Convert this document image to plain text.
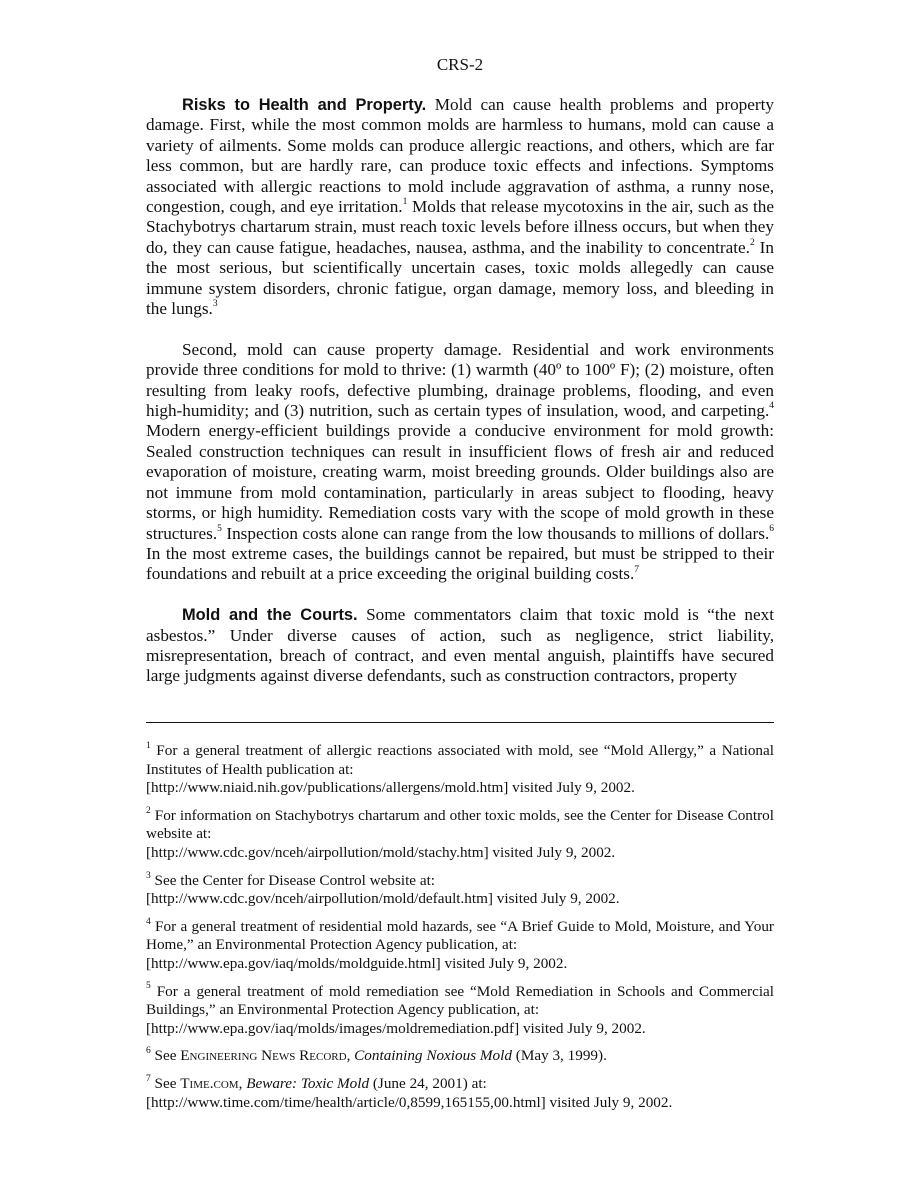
CRS-2

Risks to Health and Property. Mold can cause health problems and property damage. First, while the most common molds are harmless to humans, mold can cause a variety of ailments. Some molds can produce allergic reactions, and others, which are far less common, but are hardly rare, can produce toxic effects and infections. Symptoms associated with allergic reactions to mold include aggravation of asthma, a runny nose, congestion, cough, and eye irritation.$^1$ Molds that release mycotoxins in the air, such as the Stachybotrys chartarum strain, must reach toxic levels before illness occurs, but when they do, they can cause fatigue, headaches, nausea, asthma, and the inability to concentrate.$^2$ In the most serious, but scientifically uncertain cases, toxic molds allegedly can cause immune system disorders, chronic fatigue, organ damage, memory loss, and bleeding in the lungs.$^3$

Second, mold can cause property damage. Residential and work environments provide three conditions for mold to thrive: (1) warmth (40º to 100º F); (2) moisture, often resulting from leaky roofs, defective plumbing, drainage problems, flooding, and even high-humidity; and (3) nutrition, such as certain types of insulation, wood, and carpeting.$^4$ Modern energy-efficient buildings provide a conducive environment for mold growth: Sealed construction techniques can result in insufficient flows of fresh air and reduced evaporation of moisture, creating warm, moist breeding grounds. Older buildings also are not immune from mold contamination, particularly in areas subject to flooding, heavy storms, or high humidity. Remediation costs vary with the scope of mold growth in these structures.$^5$ Inspection costs alone can range from the low thousands to millions of dollars.$^6$ In the most extreme cases, the buildings cannot be repaired, but must be stripped to their foundations and rebuilt at a price exceeding the original building costs.$^7$

Mold and the Courts. Some commentators claim that toxic mold is “the next asbestos.” Under diverse causes of action, such as negligence, strict liability, misrepresentation, breach of contract, and even mental anguish, plaintiffs have secured large judgments against diverse defendants, such as construction contractors, property

$^1$ For a general treatment of allergic reactions associated with mold, see “Mold Allergy,” a National Institutes of Health publication at:
[http://www.niaid.nih.gov/publications/allergens/mold.htm] visited July 9, 2002.
$^2$ For information on Stachybotrys chartarum and other toxic molds, see the Center for Disease Control website at:
[http://www.cdc.gov/nceh/airpollution/mold/stachy.htm] visited July 9, 2002.
$^3$ See the Center for Disease Control website at:
[http://www.cdc.gov/nceh/airpollution/mold/default.htm] visited July 9, 2002.
$^4$ For a general treatment of residential mold hazards, see “A Brief Guide to Mold, Moisture, and Your Home,” an Environmental Protection Agency publication, at:
[http://www.epa.gov/iaq/molds/moldguide.html] visited July 9, 2002.
$^5$ For a general treatment of mold remediation see “Mold Remediation in Schools and Commercial Buildings,” an Environmental Protection Agency publication, at:
[http://www.epa.gov/iaq/molds/images/moldremediation.pdf] visited July 9, 2002.
$^6$ See Engineering News Record, Containing Noxious Mold (May 3, 1999).
$^7$ See Time.com, Beware: Toxic Mold (June 24, 2001) at:
[http://www.time.com/time/health/article/0,8599,165155,00.html] visited July 9, 2002.
